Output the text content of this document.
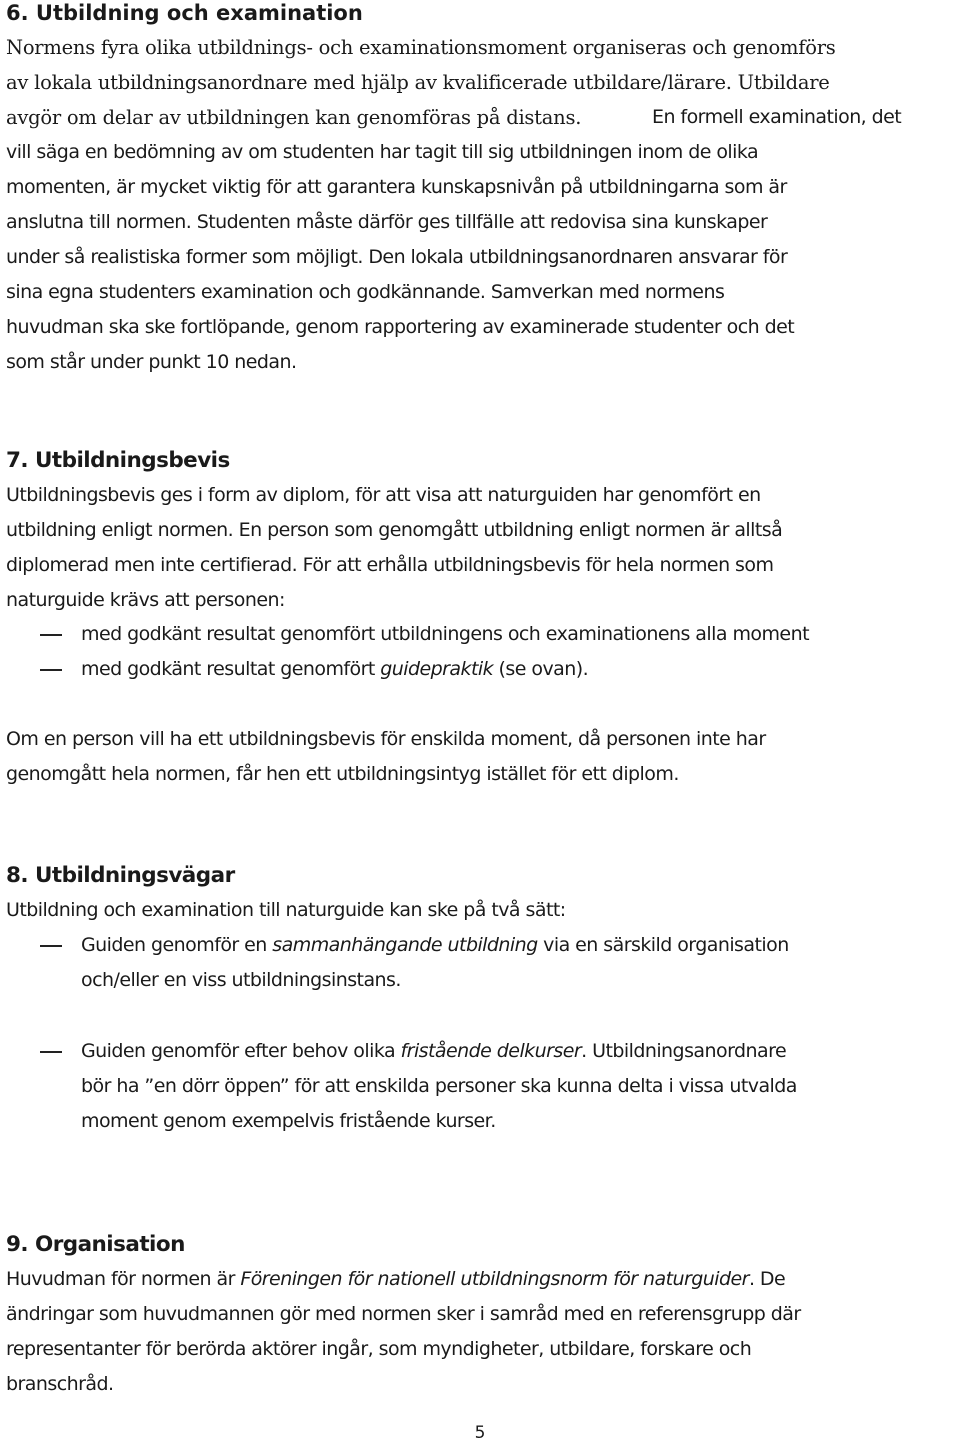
6. Utbildning och examination
Normens fyra olika utbildnings- och examinationsmoment organiseras och genomförs
av lokala utbildningsanordnare med hjälp av kvalificerade utbildare/lärare. Utbildare
avgör om delar av utbildningen kan genomföras på distans.	En formell examination, det
vill säga en bedömning av om studenten har tagit till sig utbildningen inom de olika
momenten, är mycket viktig för att garantera kunskapsnivån på utbildningarna som är
anslutna till normen. Studenten måste därför ges tillfälle att redovisa sina kunskaper
under så realistiska former som möjligt. Den lokala utbildningsanordnaren ansvarar för
sina egna studenters examination och godkännande. Samverkan med normens
huvudman ska ske fortlöpande, genom rapportering av examinerade studenter och det
som står under punkt 10 nedan.
7. Utbildningsbevis
Utbildningsbevis ges i form av diplom, för att visa att naturguiden har genomfört en
utbildning enligt normen. En person som genomgått utbildning enligt normen är alltså
diplomerad men inte certifierad. För att erhålla utbildningsbevis för hela normen som
naturguide krävs att personen:
med godkänt resultat genomfört utbildningens och examinationens alla moment
med godkänt resultat genomfört guidepraktik (se ovan).
Om en person vill ha ett utbildningsbevis för enskilda moment, då personen inte har
genomgått hela normen, får hen ett utbildningsintyg istället för ett diplom.
8. Utbildningsvägar
Utbildning och examination till naturguide kan ske på två sätt:
Guiden genomför en sammanhängande utbildning via en särskild organisation
och/eller en viss utbildningsinstans.
Guiden genomför efter behov olika fristående delkurser. Utbildningsanordnare
bör ha ”en dörr öppen” för att enskilda personer ska kunna delta i vissa utvalda
moment genom exempelvis fristående kurser.
9. Organisation
Huvudman för normen är Föreningen för nationell utbildningsnorm för naturguider. De
ändringar som huvudmannen gör med normen sker i samråd med en referensgrupp där
representanter för berörda aktörer ingår, som myndigheter, utbildare, forskare och
branschråd.
5
